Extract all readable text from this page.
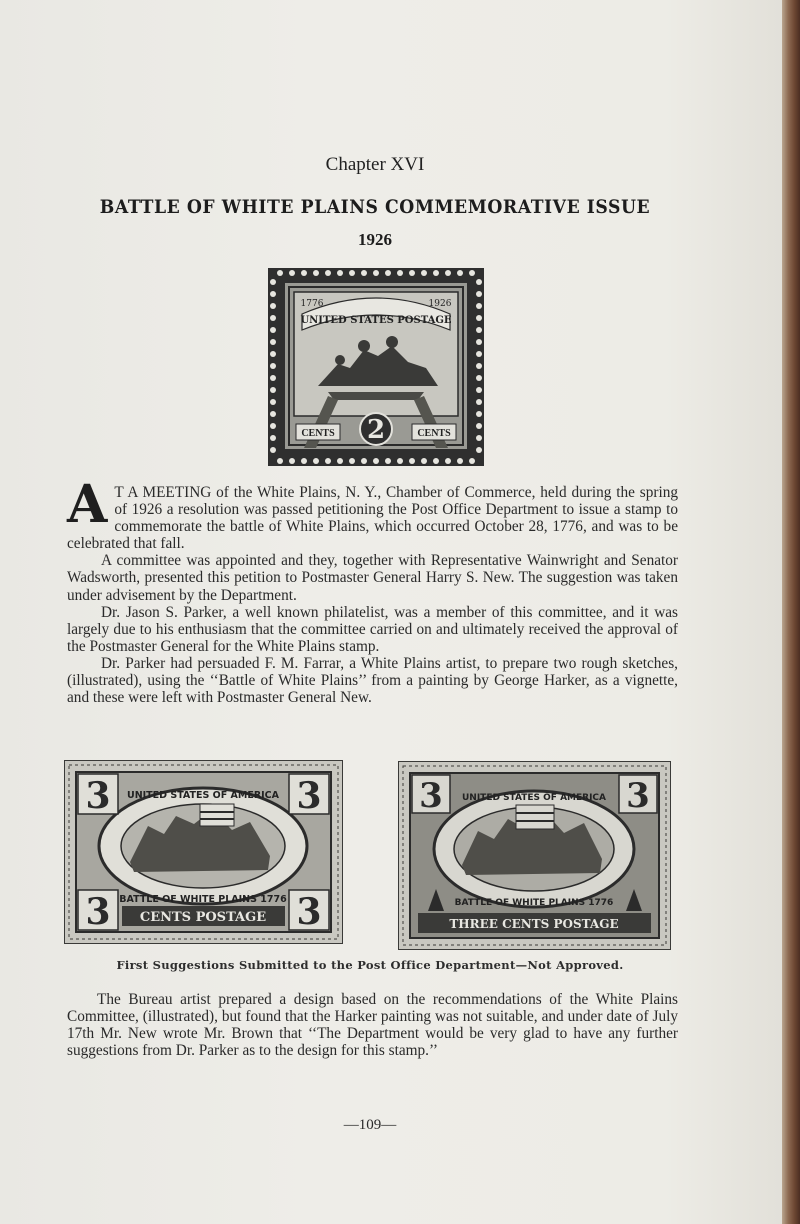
Chapter XVI
BATTLE OF WHITE PLAINS COMMEMORATIVE ISSUE
1926
UNITED STATES POSTAGE
1776	1926
CENTS	CENTS
2

A T A MEETING of the White Plains, N. Y., Chamber of Commerce, held during the spring of 1926 a resolution was passed petitioning the Post Office Department to issue a stamp to commemorate the battle of White Plains, which occurred October 28, 1776, and was to be celebrated that fall.

A committee was appointed and they, together with Representative Wainwright and Senator Wadsworth, presented this petition to Postmaster General Harry S. New. The suggestion was taken under advisement by the Department.

Dr. Jason S. Parker, a well known philatelist, was a member of this committee, and it was largely due to his enthusiasm that the committee carried on and ultimately received the approval of the Postmaster General for the White Plains stamp.

Dr. Parker had persuaded F. M. Farrar, a White Plains artist, to prepare two rough sketches, (illustrated), using the ‘‘Battle of White Plains’’ from a painting by George Harker, as a vignette, and these were left with Postmaster General New.

UNITED STATES OF AMERICA
BATTLE OF WHITE PLAINS 1776
3	3
3	3
CENTS POSTAGE
UNITED STATES OF AMERICA
BATTLE OF WHITE PLAINS 1776
3	3
THREE CENTS POSTAGE
First Suggestions Submitted to the Post Office Department—Not Approved.

The Bureau artist prepared a design based on the recommendations of the White Plains Committee, (illustrated), but found that the Harker painting was not suitable, and under date of July 17th Mr. New wrote Mr. Brown that ‘‘The Department would be very glad to have any further suggestions from Dr. Parker as to the design for this stamp.’’

—109—
